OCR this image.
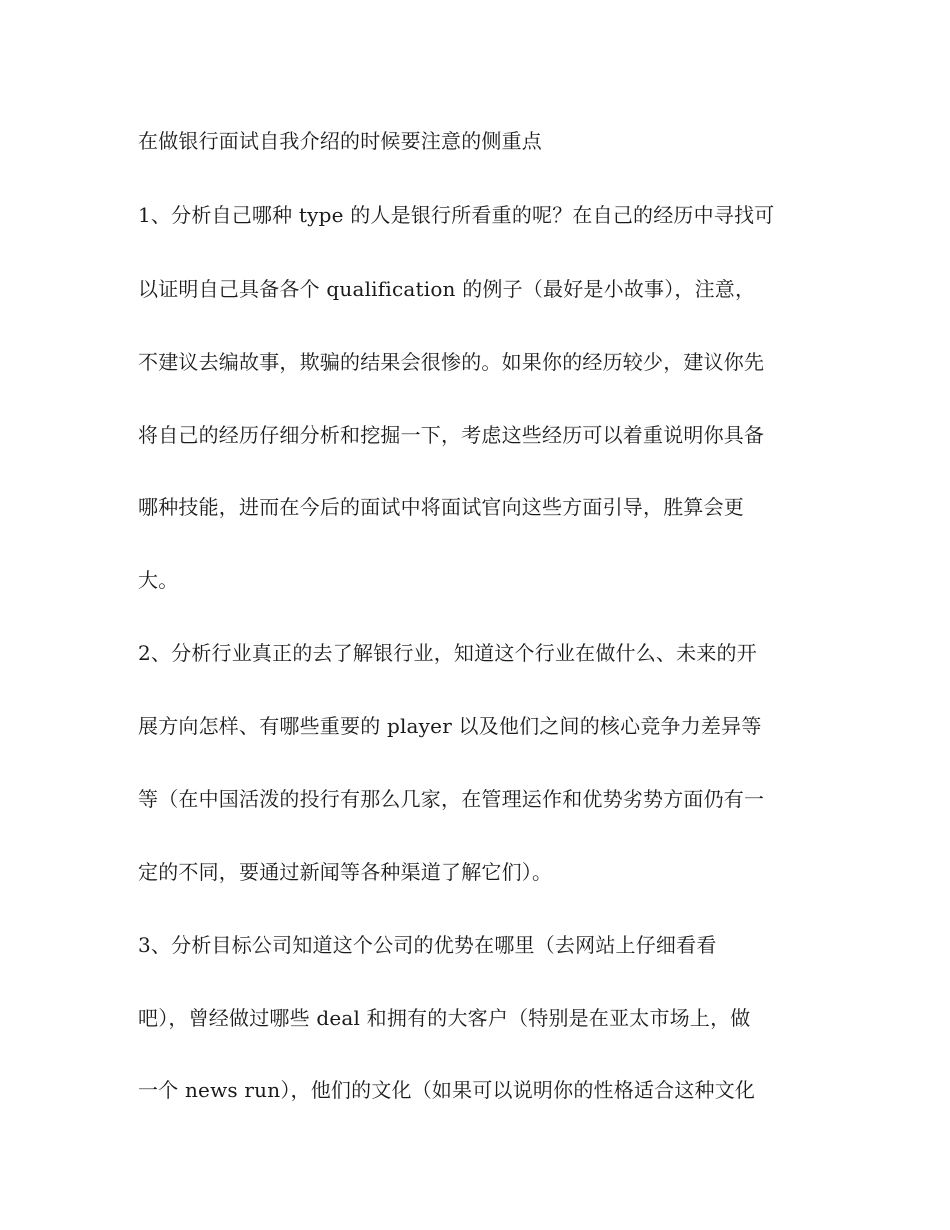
在做银行面试自我介绍的时候要注意的侧重点
1、分析自己哪种 type 的人是银行所看重的呢？在自己的经历中寻找可
以证明自己具备各个 qualification 的例子（最好是小故事），注意，
不建议去编故事，欺骗的结果会很惨的。如果你的经历较少，建议你先
将自己的经历仔细分析和挖掘一下，考虑这些经历可以着重说明你具备
哪种技能，进而在今后的面试中将面试官向这些方面引导，胜算会更
大。
2、分析行业真正的去了解银行业，知道这个行业在做什么、未来的开
展方向怎样、有哪些重要的 player 以及他们之间的核心竞争力差异等
等（在中国活泼的投行有那么几家，在管理运作和优势劣势方面仍有一
定的不同，要通过新闻等各种渠道了解它们）。
3、分析目标公司知道这个公司的优势在哪里（去网站上仔细看看
吧），曾经做过哪些 deal 和拥有的大客户（特别是在亚太市场上，做
一个 news run），他们的文化（如果可以说明你的性格适合这种文化
